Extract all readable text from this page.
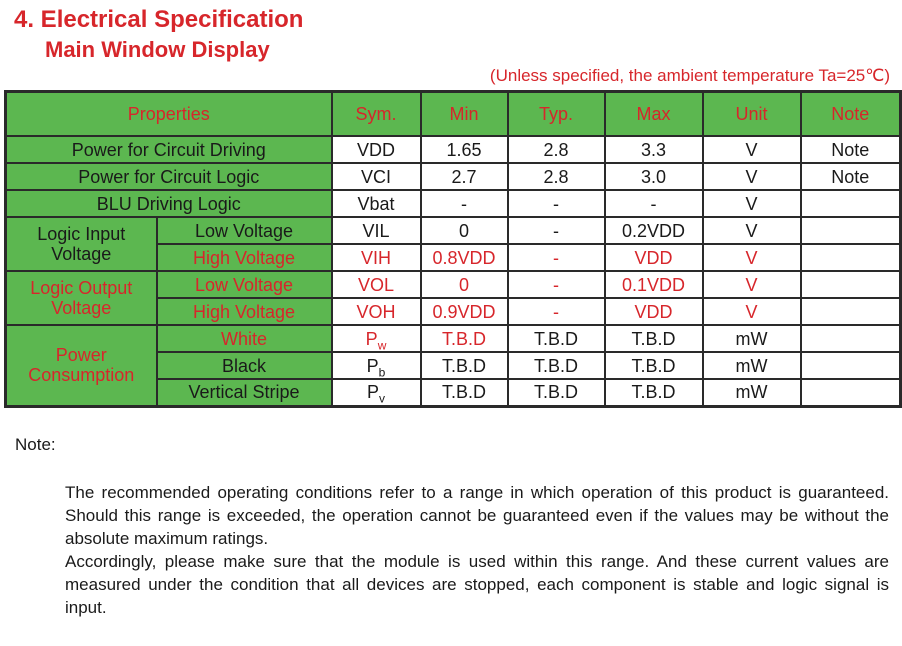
4. Electrical Specification
Main Window Display
(Unless specified, the ambient temperature Ta=25℃)
Properties		Sym.	Min	Typ.	Max	Unit	Note
Power for Circuit Driving		VDD	1.65	2.8	3.3	V	Note
Power for Circuit Logic		VCI	2.7	2.8	3.0	V	Note
BLU Driving Logic		Vbat	-	-	-	V	
Logic Input Voltage	Low Voltage	VIL	0	-	0.2VDD	V	
	High Voltage	VIH	0.8VDD	-	VDD	V	
Logic Output Voltage	Low Voltage	VOL	0	-	0.1VDD	V	
	High Voltage	VOH	0.9VDD	-	VDD	V	
Power Consumption	White	$P_w$	T.B.D	T.B.D	T.B.D	mW	
	Black	$P_b$	T.B.D	T.B.D	T.B.D	mW	
	Vertical Stripe	$P_v$	T.B.D	T.B.D	T.B.D	mW	
Note:

The recommended operating conditions refer to a range in which operation of this product is guaranteed. Should this range is exceeded, the operation cannot be guaranteed even if the values may be without the absolute maximum ratings.

Accordingly, please make sure that the module is used within this range. And these current values are measured under the condition that all devices are stopped, each component is stable and logic signal is input.
